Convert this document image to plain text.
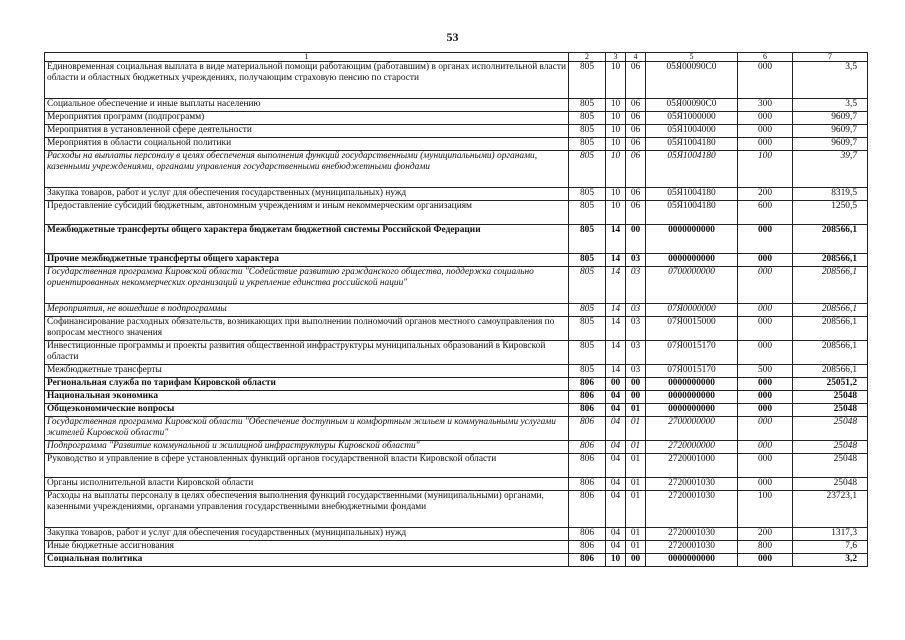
53
1	2	3	4	5	6	7
Единовременная социальная выплата в виде материальной помощи работающим (работавшим) в органах исполнительной власти области и областных бюджетных учреждениях, получающим страховую пенсию по старости	805	10	06	05Я00090С0	000	3,5
Социальное обеспечение и иные выплаты населению	805	10	06	05Я00090С0	300	3,5
Мероприятия программ (подпрограмм)	805	10	06	05Я1000000	000	9609,7
Мероприятия в установленной сфере деятельности	805	10	06	05Я1004000	000	9609,7
Мероприятия в области социальной политики	805	10	06	05Я1004180	000	9609,7
Расходы на выплаты персоналу в целях обеспечения выполнения функций государственными (муниципальными) органами, казенными учреждениями, органами управления государственными внебюджетными фондами	805	10	06	05Я1004180	100	39,7
Закупка товаров, работ и услуг для обеспечения государственных (муниципальных) нужд	805	10	06	05Я1004180	200	8319,5
Предоставление субсидий бюджетным, автономным учреждениям и иным некоммерческим организациям	805	10	06	05Я1004180	600	1250,5
Межбюджетные трансферты общего характера бюджетам бюджетной системы Российской Федерации	805	14	00	0000000000	000	208566,1
Прочие межбюджетные трансферты общего характера	805	14	03	0000000000	000	208566,1
Государственная программа Кировской области "Содействие развитию гражданского общества, поддержка социально ориентированных некоммерческих организаций и укрепление единства российской нации"	805	14	03	0700000000	000	208566,1
Мероприятия, не вошедшие в подпрограммы	805	14	03	07Я0000000	000	208566,1
Софинансирование расходных обязательств, возникающих при выполнении полномочий органов местного самоуправления по вопросам местного значения	805	14	03	07Я0015000	000	208566,1
Инвестиционные программы и проекты развития общественной инфраструктуры муниципальных образований в Кировской области	805	14	03	07Я0015170	000	208566,1
Межбюджетные трансферты	805	14	03	07Я0015170	500	208566,1
Региональная служба по тарифам Кировской области	806	00	00	0000000000	000	25051,2
Национальная экономика	806	04	00	0000000000	000	25048
Общеэкономические вопросы	806	04	01	0000000000	000	25048
Государственная программа Кировской области "Обеспечение доступным и комфортным жильем и коммунальными услугами жителей Кировской области"	806	04	01	2700000000	000	25048
Подпрограмма "Развитие коммунальной и жилищной инфраструктуры Кировской области"	806	04	01	2720000000	000	25048
Руководство и управление в сфере установленных функций органов государственной власти Кировской области	806	04	01	2720001000	000	25048
Органы исполнительной власти Кировской области	806	04	01	2720001030	000	25048
Расходы на выплаты персоналу в целях обеспечения выполнения функций государственными (муниципальными) органами, казенными учреждениями, органами управления государственными внебюджетными фондами	806	04	01	2720001030	100	23723,1
Закупка товаров, работ и услуг для обеспечения государственных (муниципальных) нужд	806	04	01	2720001030	200	1317,3
Иные бюджетные ассигнования	806	04	01	2720001030	800	7,6
Социальная политика	806	10	00	0000000000	000	3,2
